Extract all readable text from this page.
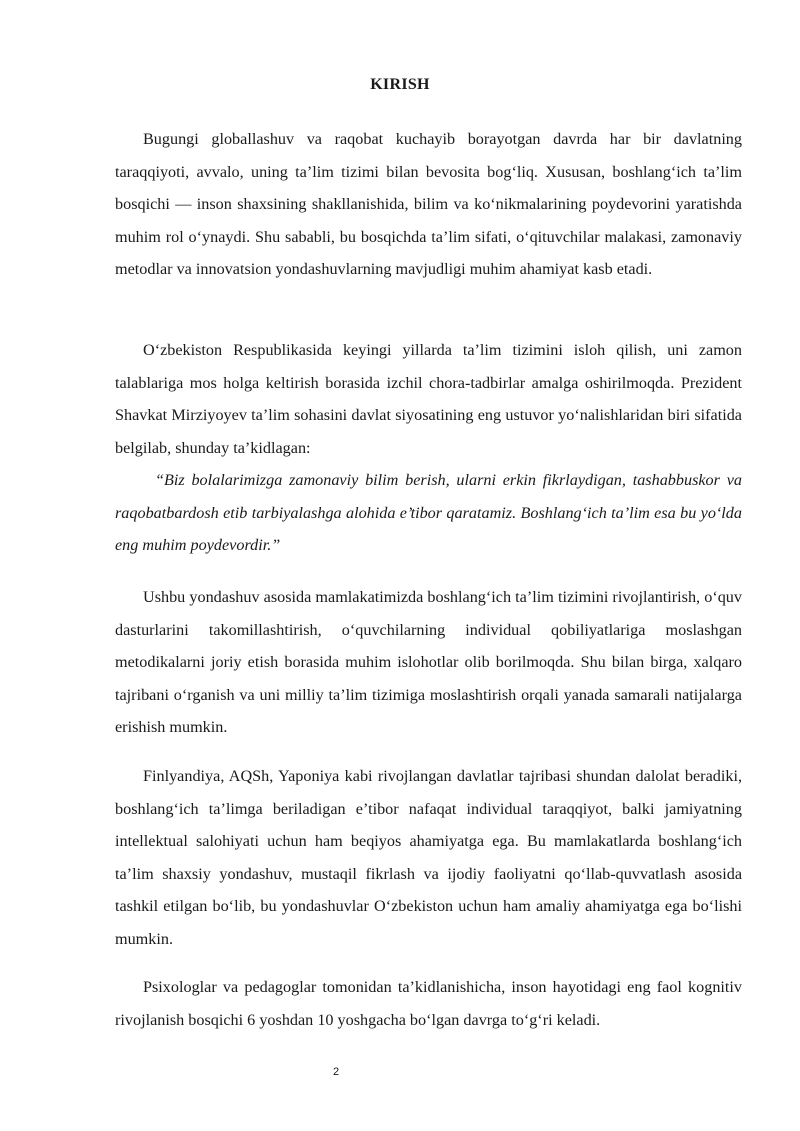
KIRISH

Bugungi globallashuv va raqobat kuchayib borayotgan davrda har bir davlatning taraqqiyoti, avvalo, uning ta’lim tizimi bilan bevosita bog‘liq. Xususan, boshlang‘ich ta’lim bosqichi — inson shaxsining shakllanishida, bilim va ko‘nikmalarining poydevorini yaratishda muhim rol o‘ynaydi. Shu sababli, bu bosqichda ta’lim sifati, o‘qituvchilar malakasi, zamonaviy metodlar va innovatsion yondashuvlarning mavjudligi muhim ahamiyat kasb etadi.

O‘zbekiston Respublikasida keyingi yillarda ta’lim tizimini isloh qilish, uni zamon talablariga mos holga keltirish borasida izchil chora-tadbirlar amalga oshirilmoqda. Prezident Shavkat Mirziyoyev ta’lim sohasini davlat siyosatining eng ustuvor yo‘nalishlaridan biri sifatida belgilab, shunday ta’kidlagan:

“Biz bolalarimizga zamonaviy bilim berish, ularni erkin fikrlaydigan, tashabbuskor va raqobatbardosh etib tarbiyalashga alohida e’tibor qaratamiz. Boshlang‘ich ta’lim esa bu yo‘lda eng muhim poydevordir.”

Ushbu yondashuv asosida mamlakatimizda boshlang‘ich ta’lim tizimini rivojlantirish, o‘quv dasturlarini takomillashtirish, o‘quvchilarning individual qobiliyatlariga moslashgan metodikalarni joriy etish borasida muhim islohotlar olib borilmoqda. Shu bilan birga, xalqaro tajribani o‘rganish va uni milliy ta’lim tizimiga moslashtirish orqali yanada samarali natijalarga erishish mumkin.

Finlyandiya, AQSh, Yaponiya kabi rivojlangan davlatlar tajribasi shundan dalolat beradiki, boshlang‘ich ta’limga beriladigan e’tibor nafaqat individual taraqqiyot, balki jamiyatning intellektual salohiyati uchun ham beqiyos ahamiyatga ega. Bu mamlakatlarda boshlang‘ich ta’lim shaxsiy yondashuv, mustaqil fikrlash va ijodiy faoliyatni qo‘llab-quvvatlash asosida tashkil etilgan bo‘lib, bu yondashuvlar O‘zbekiston uchun ham amaliy ahamiyatga ega bo‘lishi mumkin.

Psixologlar va pedagoglar tomonidan ta’kidlanishicha, inson hayotidagi eng faol kognitiv rivojlanish bosqichi 6 yoshdan 10 yoshgacha bo‘lgan davrga to‘g‘ri keladi.

2
